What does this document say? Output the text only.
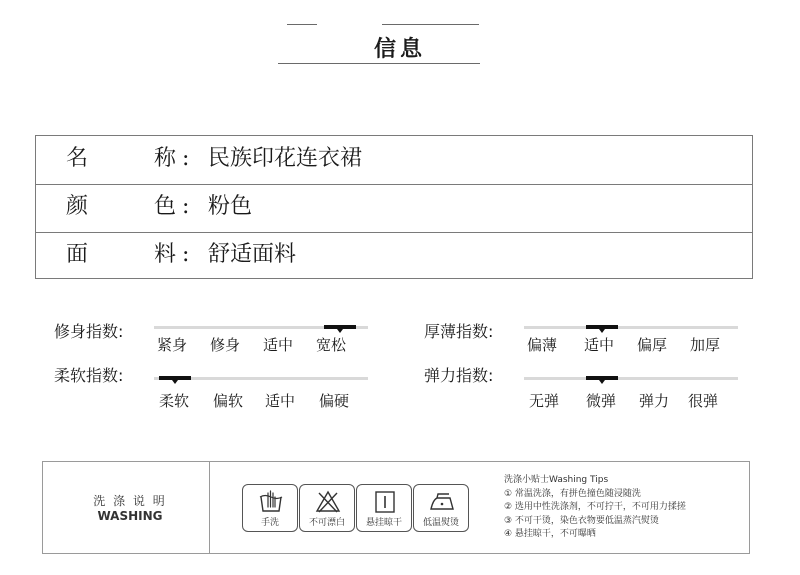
信息
名	称 : 民族印花连衣裙
颜	色 : 粉色
面	料 : 舒适面料
修身指数:
紧身	修身	适中	宽松
柔软指数:
柔软	偏软	适中	偏硬
厚薄指数:
偏薄	适中	偏厚	加厚
弹力指数:
无弹	微弹	弹力	很弹
洗 涤 说 明
WASHING	手洗	不可漂白	悬挂晾干	低温熨烫
洗涤小贴士Washing Tips
① 常温洗涤，有拼色撞色随浸随洗
② 选用中性洗涤剂，不可拧干，不可用力揉搓
③ 不可干烫，染色衣物要低温蒸汽熨烫
④ 悬挂晾干，不可曝晒
